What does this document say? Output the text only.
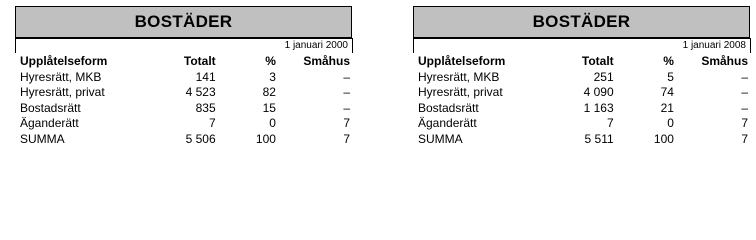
BOSTÄDER
1 januari 2000
Upplåtelseform	Totalt	%	Småhus
Hyresrätt, MKB	141	3	–
Hyresrätt, privat	4 523	82	–
Bostadsrätt	835	15	–
Äganderätt	7	0	7
SUMMA	5 506	100	7
BOSTÄDER
1 januari 2008
Upplåtelseform	Totalt	%	Småhus
Hyresrätt, MKB	251	5	–
Hyresrätt, privat	4 090	74	–
Bostadsrätt	1 163	21	–
Äganderätt	7	0	7
SUMMA	5 511	100	7
